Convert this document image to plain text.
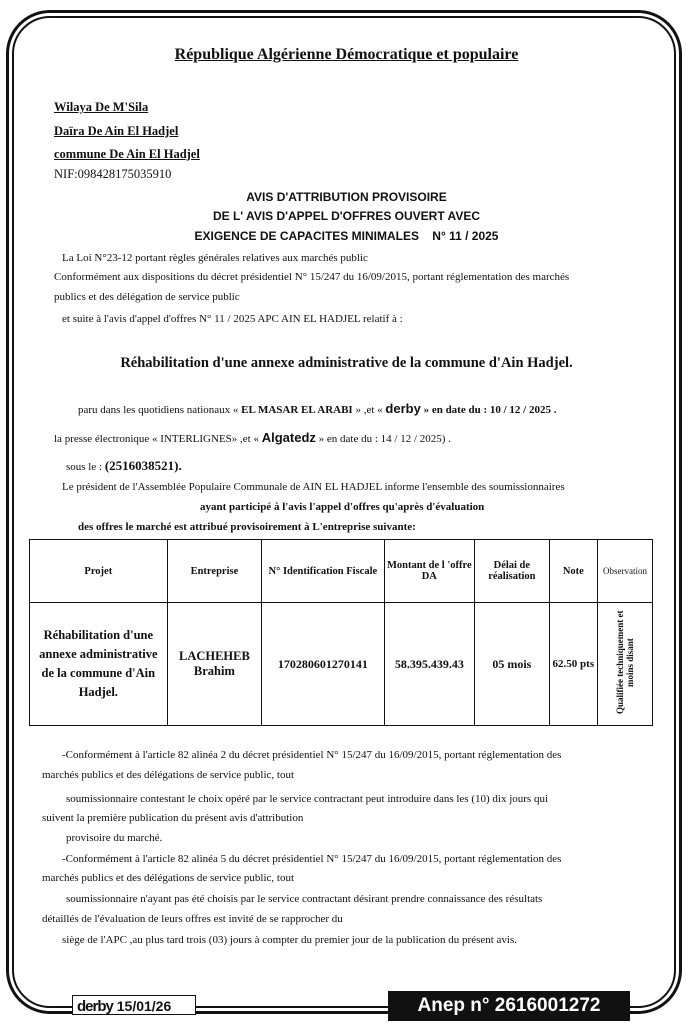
République Algérienne Démocratique et populaire
Wilaya De M'Sila
Daïra De Ain El Hadjel
commune De Ain El Hadjel
NIF:098428175035910
AVIS D'ATTRIBUTION PROVISOIRE
DE L' AVIS D'APPEL D'OFFRES OUVERT AVEC
EXIGENCE DE CAPACITES MINIMALES    N° 11 / 2025
La Loi N°23-12 portant règles générales relatives aux marchés public
Conformément aux dispositions du décret présidentiel N° 15/247 du 16/09/2015, portant réglementation des marchés
publics et des délégation de service public
et suite à l'avis d'appel d'offres N° 11 / 2025 APC AIN EL HADJEL relatif à :
Réhabilitation d'une annexe administrative de la commune d'Ain Hadjel.
paru dans les quotidiens nationaux « EL MASAR EL ARABI » ,et « derby » en date du : 10 / 12 / 2025 .
la presse électronique « INTERLIGNES» ,et « Algatedz » en date du : 14 / 12 / 2025) .
sous le : (2516038521).
Le président de l'Assemblée Populaire Communale de AIN EL HADJEL informe l'ensemble des soumissionnaires
ayant participé à l'avis l'appel d'offres qu'après d'évaluation
des offres le marché est attribué provisoirement à L'entreprise suivante:
Projet	Entreprise	N° Identification Fiscale	Montant de l 'offre DA	Délai de réalisation	Note	Observation
Réhabilitation d'une annexe administrative de la commune d'Ain Hadjel.	LACHEHEB Brahim	170280601270141	58.395.439.43	05 mois	62.50 pts	Qualifiée techniquement et moins disant
-Conformément à l'article 82 alinéa 2 du décret présidentiel N° 15/247 du 16/09/2015, portant réglementation des
marchés publics et des délégations de service public, tout
soumissionnaire contestant le choix opéré par le service contractant peut introduire dans les (10) dix jours qui
suivent la première publication du présent avis d'attribution
provisoire du marché.
-Conformément à l'article 82 alinéa 5 du décret présidentiel N° 15/247 du 16/09/2015, portant réglementation des
marchés publics et des délégations de service public, tout
soumissionnaire n'ayant pas été choisis par le service contractant désirant prendre connaissance des résultats
détaillés de l'évaluation de leurs offres est invité de se rapprocher du
siège de l'APC ,au plus tard trois (03) jours à compter du premier jour de la publication du présent avis.
derby 15/01/26	Anep n° 2616001272
